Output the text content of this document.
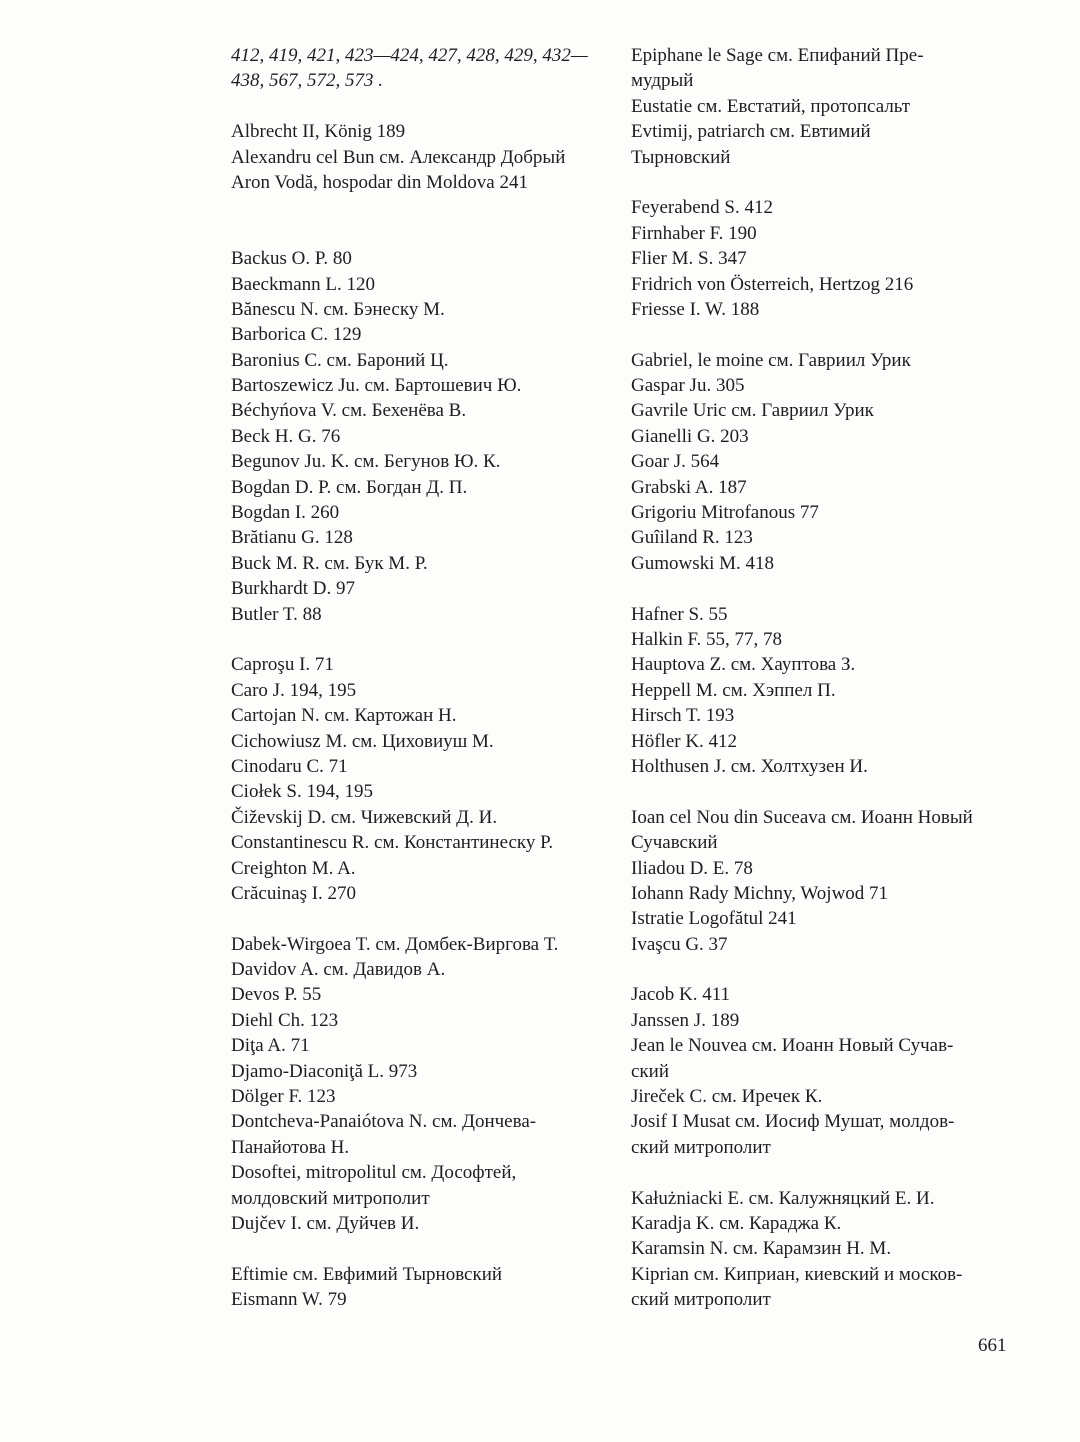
412, 419, 421, 423—424, 427, 428, 429, 432—
438, 567, 572, 573 .
Albrecht II, König 189
Alexandru cel Bun см. Александр Добрый
Aron Vodă, hospodar din Moldova 241
Backus O. P. 80
Baeckmann L. 120
Bănescu N. см. Бэнеску М.
Barborica C. 129
Baronius C. см. Бароний Ц.
Bartoszewicz Ju. см. Бартошевич Ю.
Béchyńova V. см. Бехенёва В.
Beck H. G. 76
Begunov Ju. K. см. Бегунов Ю. К.
Bogdan D. P. см. Богдан Д. П.
Bogdan I. 260
Brătianu G. 128
Buck M. R. см. Бук М. Р.
Burkhardt D. 97
Butler T. 88
Caproşu I. 71
Caro J. 194, 195
Cartojan N. см. Картожан Н.
Cichowiusz M. см. Циховиуш М.
Cinodaru C. 71
Ciołek S. 194, 195
Čiževskij D. см. Чижевский Д. И.
Constantinescu R. см. Константинеску Р.
Creighton M. A.
Crăcuinaş I. 270
Dabek-Wirgoea T. см. Домбек-Виргова Т.
Davidov A. см. Давидов А.
Devos P. 55
Diehl Ch. 123
Diţa A. 71
Djamo-Diaconiţă L. 973
Dölger F. 123
Dontcheva-Panaiótova N. см. Дончева-
Панайотова Н.
Dosoftei, mitropolitul см. Дософтей,
молдовский митрополит
Dujčev I. см. Дуйчев И.
Eftimie см. Евфимий Тырновский
Eismann W. 79
Epiphane le Sage см. Епифаний Пре-
мудрый
Eustatie см. Евстатий, протопсальт
Evtimij, patriarch см. Евтимий
Тырновский
Feyerabend S. 412
Firnhaber F. 190
Flier M. S. 347
Fridrich von Österreich, Hertzog 216
Friesse I. W. 188
Gabriel, le moine см. Гавриил Урик
Gaspar Ju. 305
Gavrile Uric см. Гавриил Урик
Gianelli G. 203
Goar J. 564
Grabski A. 187
Grigoriu Mitrofanous 77
Guîiland R. 123
Gumowski M. 418
Hafner S. 55
Halkin F. 55, 77, 78
Hauptova Z. см. Хауптова З.
Heppell M. см. Хэппел П.
Hirsch T. 193
Höfler K. 412
Holthusen J. см. Холтхузен И.
Ioan cel Nou din Suceava см. Иоанн Новый
Сучавский
Iliadou D. E. 78
Iohann Rady Michny, Wojwod 71
Istratie Logofătul 241
Ivaşcu G. 37
Jacob K. 411
Janssen J. 189
Jean le Nouvea см. Иоанн Новый Сучав-
ский
Jireček C. см. Иречек К.
Josif I Musat см. Иосиф Мушат, молдов-
ский митрополит
Kałużniacki E. см. Калужняцкий Е. И.
Karadja K. см. Караджа К.
Karamsin N. см. Карамзин Н. М.
Kiprian см. Киприан, киевский и москов-
ский митрополит
661
